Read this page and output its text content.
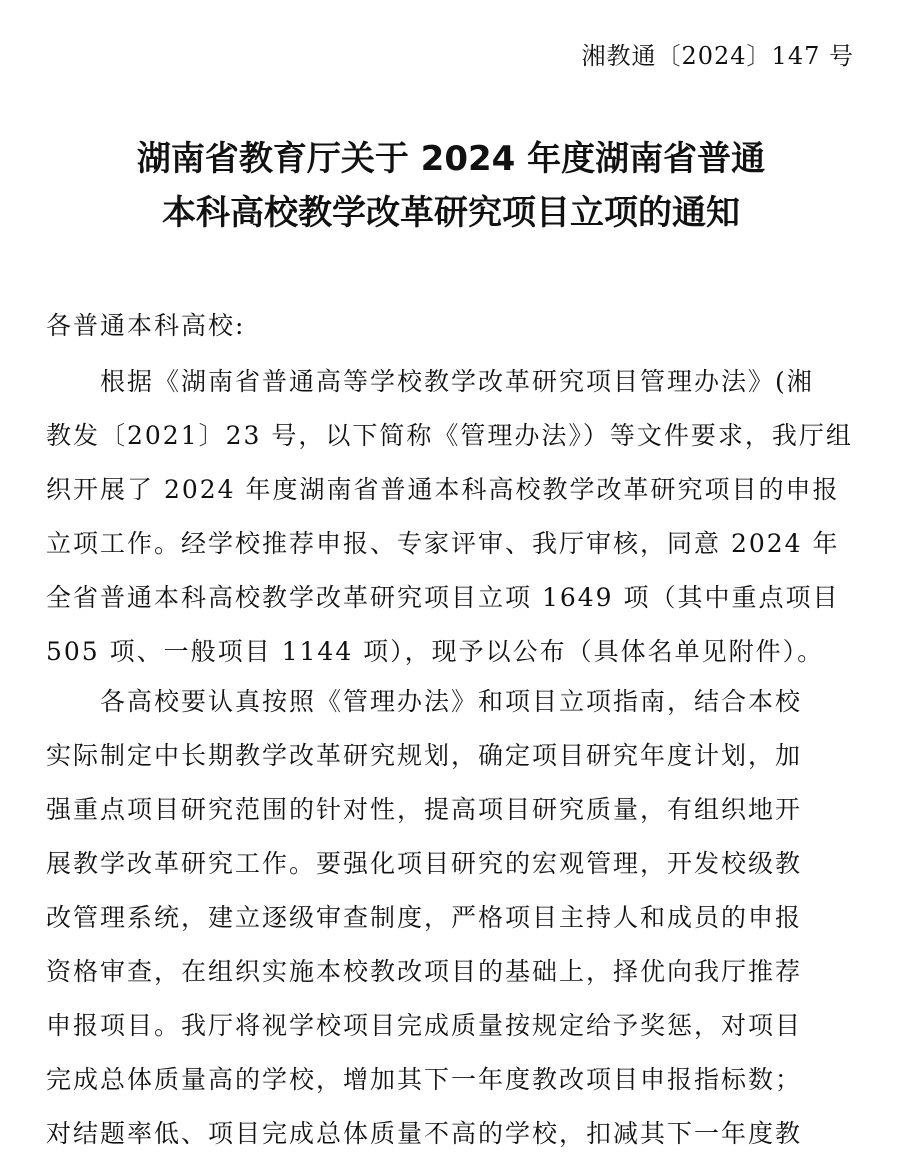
湘教通〔2024〕147 号
湖南省教育厅关于 2024 年度湖南省普通
本科高校教学改革研究项目立项的通知
各普通本科高校:
根据《湖南省普通高等学校教学改革研究项目管理办法》(湘
教发〔2021〕23 号，以下简称《管理办法》）等文件要求，我厅组
织开展了 2024 年度湖南省普通本科高校教学改革研究项目的申报
立项工作。经学校推荐申报、专家评审、我厅审核，同意 2024 年
全省普通本科高校教学改革研究项目立项 1649 项（其中重点项目
505 项、一般项目 1144 项），现予以公布（具体名单见附件）。
各高校要认真按照《管理办法》和项目立项指南，结合本校
实际制定中长期教学改革研究规划，确定项目研究年度计划，加
强重点项目研究范围的针对性，提高项目研究质量，有组织地开
展教学改革研究工作。要强化项目研究的宏观管理，开发校级教
改管理系统，建立逐级审查制度，严格项目主持人和成员的申报
资格审查，在组织实施本校教改项目的基础上，择优向我厅推荐
申报项目。我厅将视学校项目完成质量按规定给予奖惩，对项目
完成总体质量高的学校，增加其下一年度教改项目申报指标数；
对结题率低、项目完成总体质量不高的学校，扣减其下一年度教
